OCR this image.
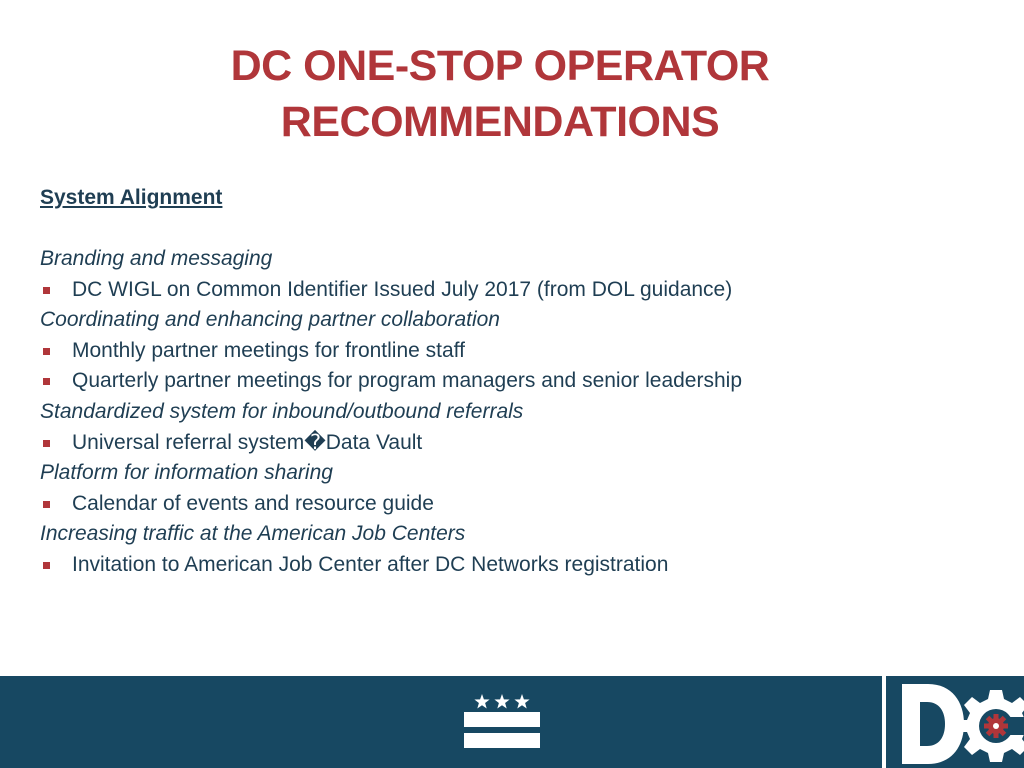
DC ONE-STOP OPERATOR
RECOMMENDATIONS
System Alignment
Branding and messaging
DC WIGL on Common Identifier Issued July 2017 (from DOL guidance)
Coordinating and enhancing partner collaboration
Monthly partner meetings for frontline staff
Quarterly partner meetings for program managers and senior leadership
Standardized system for inbound/outbound referrals
Universal referral system�Data Vault
Platform for information sharing
Calendar of events and resource guide
Increasing traffic at the American Job Centers
Invitation to American Job Center after DC Networks registration
